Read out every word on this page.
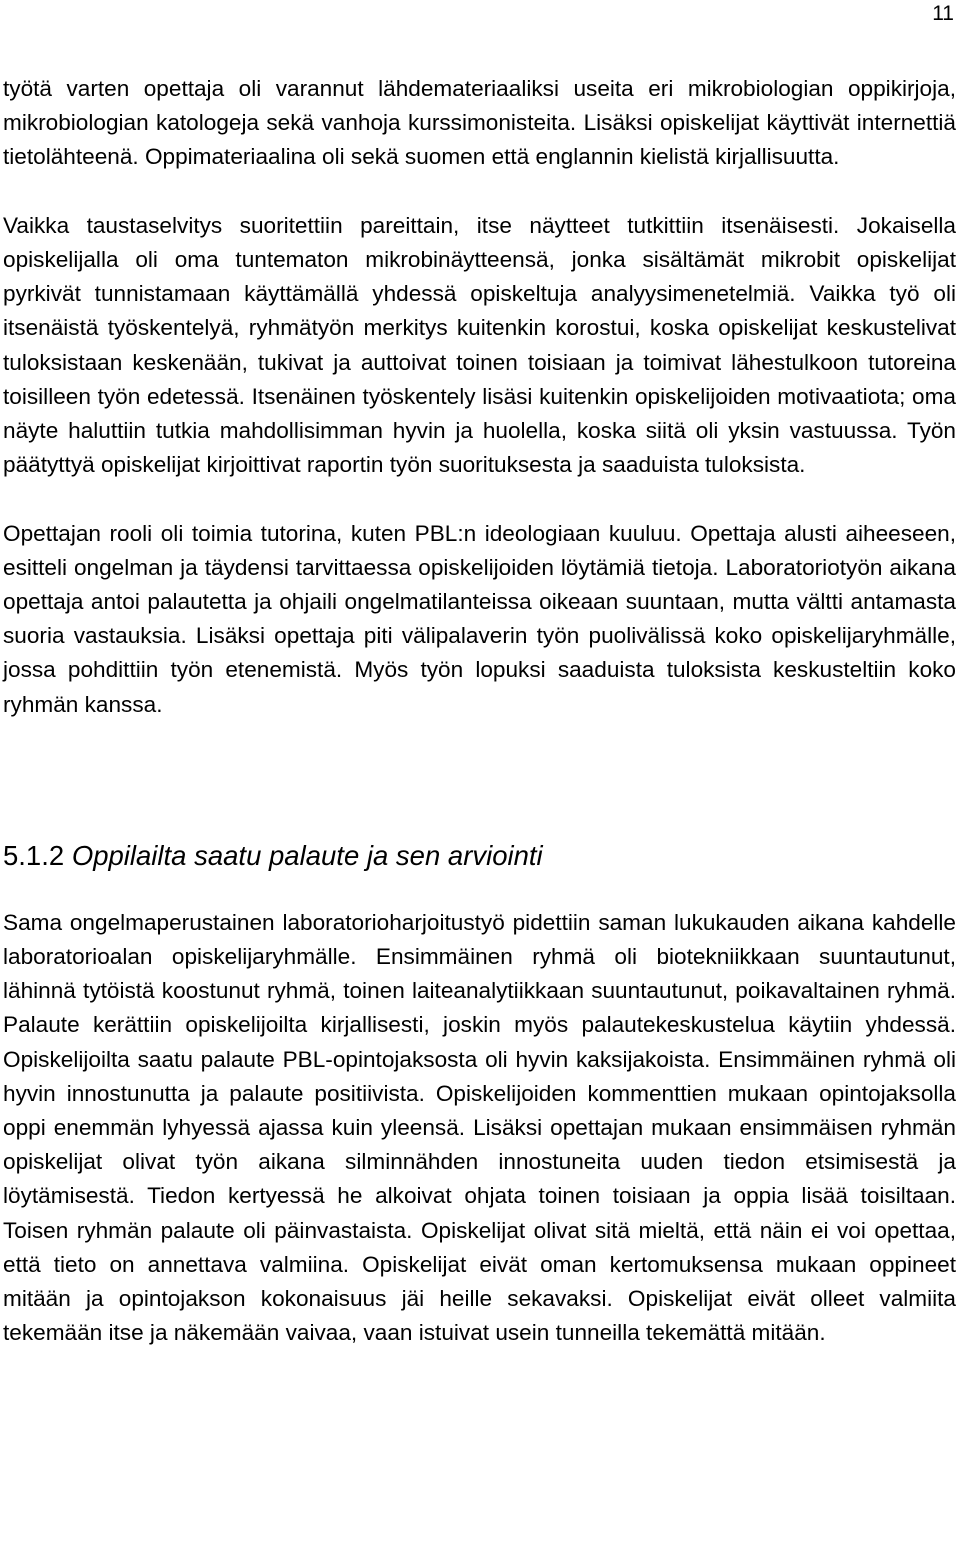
11

työtä varten opettaja oli varannut lähdemateriaaliksi useita eri mikrobiologian oppikirjoja, mikrobiologian katologeja sekä vanhoja kurssimonisteita. Lisäksi opiskelijat käyttivät internettiä tietolähteenä. Oppimateriaalina oli sekä suomen että englannin kielistä kirjallisuutta.

Vaikka taustaselvitys suoritettiin pareittain, itse näytteet tutkittiin itsenäisesti. Jokaisella opiskelijalla oli oma tuntematon mikrobinäytteensä, jonka sisältämät mikrobit opiskelijat pyrkivät tunnistamaan käyttämällä yhdessä opiskeltuja analyysimenetelmiä. Vaikka työ oli itsenäistä työskentelyä, ryhmätyön merkitys kuitenkin korostui, koska opiskelijat keskustelivat tuloksistaan keskenään, tukivat ja auttoivat toinen toisiaan ja toimivat lähestulkoon tutoreina toisilleen työn edetessä. Itsenäinen työskentely lisäsi kuitenkin opiskelijoiden motivaatiota; oma näyte haluttiin tutkia mahdollisimman hyvin ja huolella, koska siitä oli yksin vastuussa. Työn päätyttyä opiskelijat kirjoittivat raportin työn suorituksesta ja saaduista tuloksista.

Opettajan rooli oli toimia tutorina, kuten PBL:n ideologiaan kuuluu. Opettaja alusti aiheeseen, esitteli ongelman ja täydensi tarvittaessa opiskelijoiden löytämiä tietoja. Laboratoriotyön aikana opettaja antoi palautetta ja ohjaili ongelmatilanteissa oikeaan suuntaan, mutta vältti antamasta suoria vastauksia. Lisäksi opettaja piti välipalaverin työn puolivälissä koko opiskelijaryhmälle, jossa pohdittiin työn etenemistä. Myös työn lopuksi saaduista tuloksista keskusteltiin koko ryhmän kanssa.

5.1.2 Oppilailta saatu palaute ja sen arviointi

Sama ongelmaperustainen laboratorioharjoitustyö pidettiin saman lukukauden aikana kahdelle laboratorioalan opiskelijaryhmälle. Ensimmäinen ryhmä oli biotekniikkaan suuntautunut, lähinnä tytöistä koostunut ryhmä, toinen laiteanalytiikkaan suuntautunut, poikavaltainen ryhmä. Palaute kerättiin opiskelijoilta kirjallisesti, joskin myös palautekeskustelua käytiin yhdessä. Opiskelijoilta saatu palaute PBL-opintojaksosta oli hyvin kaksijakoista. Ensimmäinen ryhmä oli hyvin innostunutta ja palaute positiivista. Opiskelijoiden kommenttien mukaan opintojaksolla oppi enemmän lyhyessä ajassa kuin yleensä. Lisäksi opettajan mukaan ensimmäisen ryhmän opiskelijat olivat työn aikana silminnähden innostuneita uuden tiedon etsimisestä ja löytämisestä. Tiedon kertyessä he alkoivat ohjata toinen toisiaan ja oppia lisää toisiltaan. Toisen ryhmän palaute oli päinvastaista. Opiskelijat olivat sitä mieltä, että näin ei voi opettaa, että tieto on annettava valmiina. Opiskelijat eivät oman kertomuksensa mukaan oppineet mitään ja opintojakson kokonaisuus jäi heille sekavaksi. Opiskelijat eivät olleet valmiita tekemään itse ja näkemään vaivaa, vaan istuivat usein tunneilla tekemättä mitään.
